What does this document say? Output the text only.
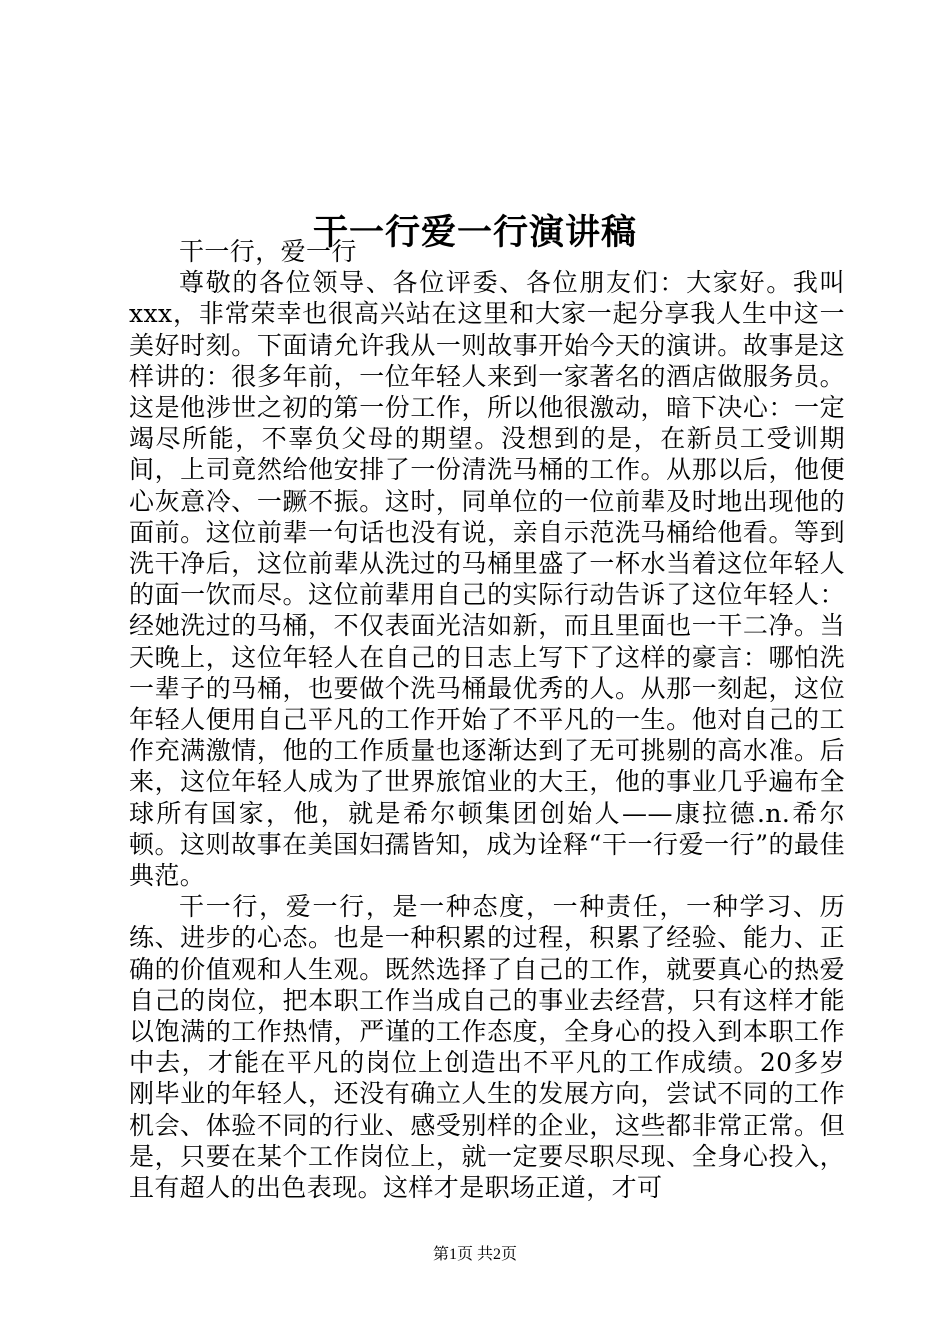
干一行爱一行演讲稿

干一行，爱一行

尊敬的各位领导、各位评委、各位朋友们：大家好。我叫xxx，非常荣幸也很高兴站在这里和大家一起分享我人生中这一美好时刻。下面请允许我从一则故事开始今天的演讲。故事是这样讲的：很多年前，一位年轻人来到一家著名的酒店做服务员。这是他涉世之初的第一份工作，所以他很激动，暗下决心：一定竭尽所能，不辜负父母的期望。没想到的是，在新员工受训期间，上司竟然给他安排了一份清洗马桶的工作。从那以后，他便心灰意冷、一蹶不振。这时，同单位的一位前辈及时地出现他的面前。这位前辈一句话也没有说，亲自示范洗马桶给他看。等到洗干净后，这位前辈从洗过的马桶里盛了一杯水当着这位年轻人的面一饮而尽。这位前辈用自己的实际行动告诉了这位年轻人：经她洗过的马桶，不仅表面光洁如新，而且里面也一干二净。当天晚上，这位年轻人在自己的日志上写下了这样的豪言：哪怕洗一辈子的马桶，也要做个洗马桶最优秀的人。从那一刻起，这位年轻人便用自己平凡的工作开始了不平凡的一生。他对自己的工作充满激情，他的工作质量也逐渐达到了无可挑剔的高水准。后来，这位年轻人成为了世界旅馆业的大王，他的事业几乎遍布全球所有国家，他，就是希尔顿集团创始人——康拉德.n.希尔顿。这则故事在美国妇孺皆知，成为诠释“干一行爱一行”的最佳典范。

干一行，爱一行，是一种态度，一种责任，一种学习、历练、进步的心态。也是一种积累的过程，积累了经验、能力、正确的价值观和人生观。既然选择了自己的工作，就要真心的热爱自己的岗位，把本职工作当成自己的事业去经营，只有这样才能以饱满的工作热情，严谨的工作态度，全身心的投入到本职工作中去，才能在平凡的岗位上创造出不平凡的工作成绩。20多岁刚毕业的年轻人，还没有确立人生的发展方向，尝试不同的工作机会、体验不同的行业、感受别样的企业，这些都非常正常。但是，只要在某个工作岗位上，就一定要尽职尽现、全身心投入，且有超人的出色表现。这样才是职场正道，才可

第1页 共2页
